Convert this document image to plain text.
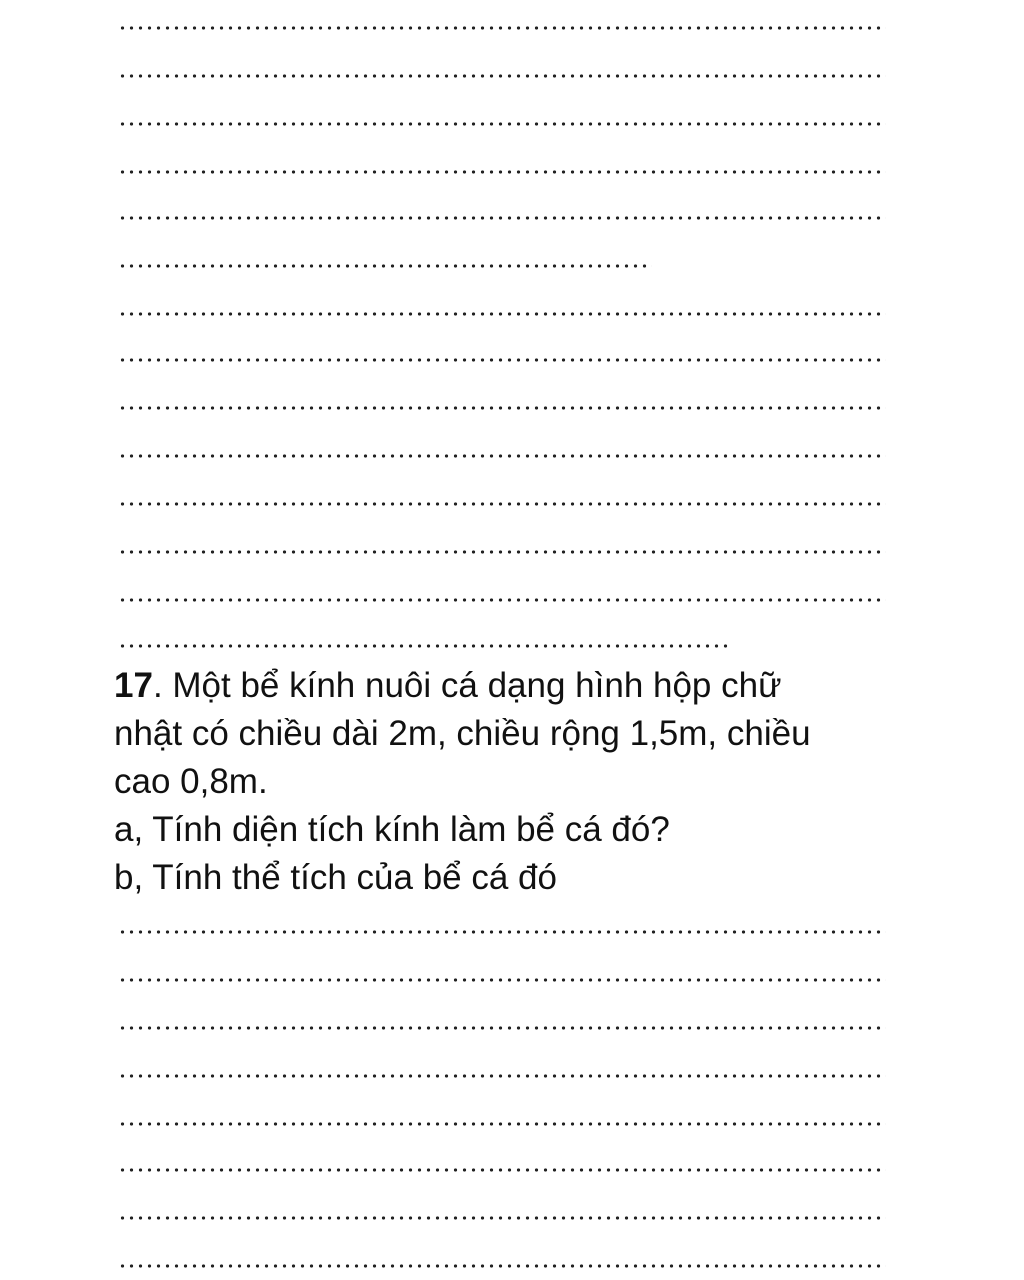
17. Một bể kính nuôi cá dạng hình hộp chữ

nhật có chiều dài 2m, chiều rộng 1,5m, chiều

cao 0,8m.

a, Tính diện tích kính làm bể cá đó?

b, Tính thể tích của bể cá đó
